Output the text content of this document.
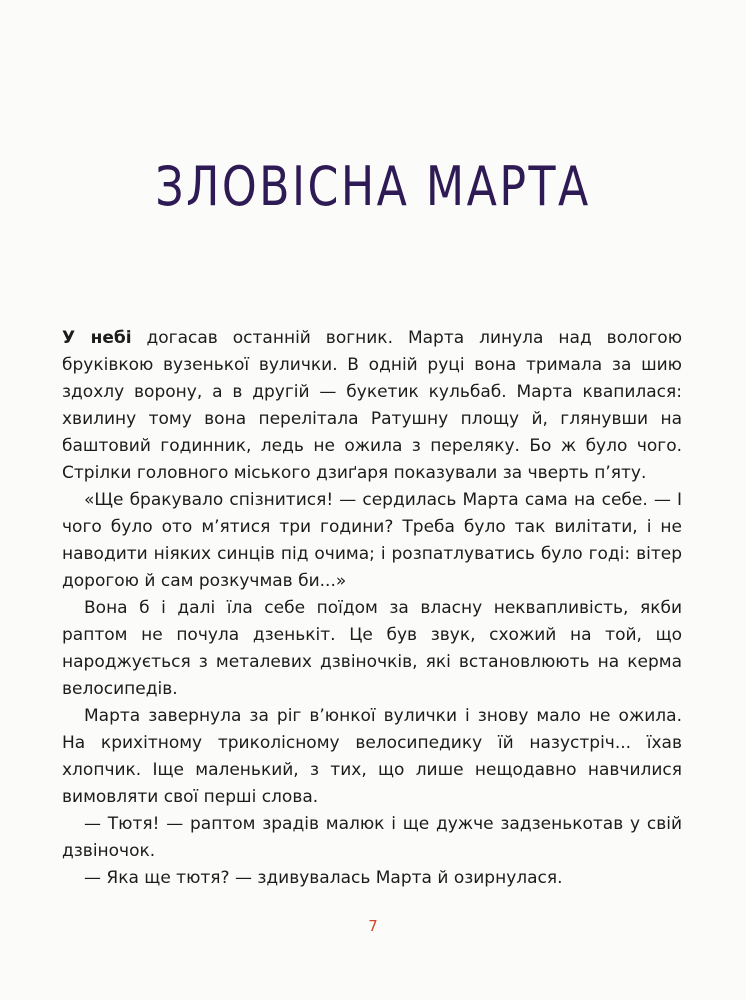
ЗЛОВІСНА МАРТА

У небі догасав останній вогник. Марта линула над вологою бруківкою вузенької вулички. В одній руці вона тримала за шию здохлу ворону, а в другій — букетик кульбаб. Марта квапилася: хвилину тому вона перелітала Ратушну площу й, глянувши на баштовий годинник, ледь не ожила з переляку. Бо ж було чого. Стрілки головного міського дзиґаря показували за чверть п’яту.

«Ще бракувало спізнитися! — сердилась Марта сама на себе. — І чого було ото м’ятися три години? Треба було так вилітати, і не наводити ніяких синців під очима; і розпатлуватись було годі: вітер дорогою й сам розкучмав би...»

Вона б і далі їла себе поїдом за власну неквапливість, якби раптом не почула дзенькіт. Це був звук, схожий на той, що народжується з металевих дзвіночків, які встановлюють на керма велосипедів.

Марта завернула за ріг в’юнкої вулички і знову мало не ожила. На крихітному триколісному велосипедику їй назустріч... їхав хлопчик. Іще маленький, з тих, що лише нещодавно навчилися вимовляти свої перші слова.

— Тютя! — раптом зрадів малюк і ще дужче задзенькотав у свій дзвіночок.

— Яка ще тютя? — здивувалась Марта й озирнулася.

7
